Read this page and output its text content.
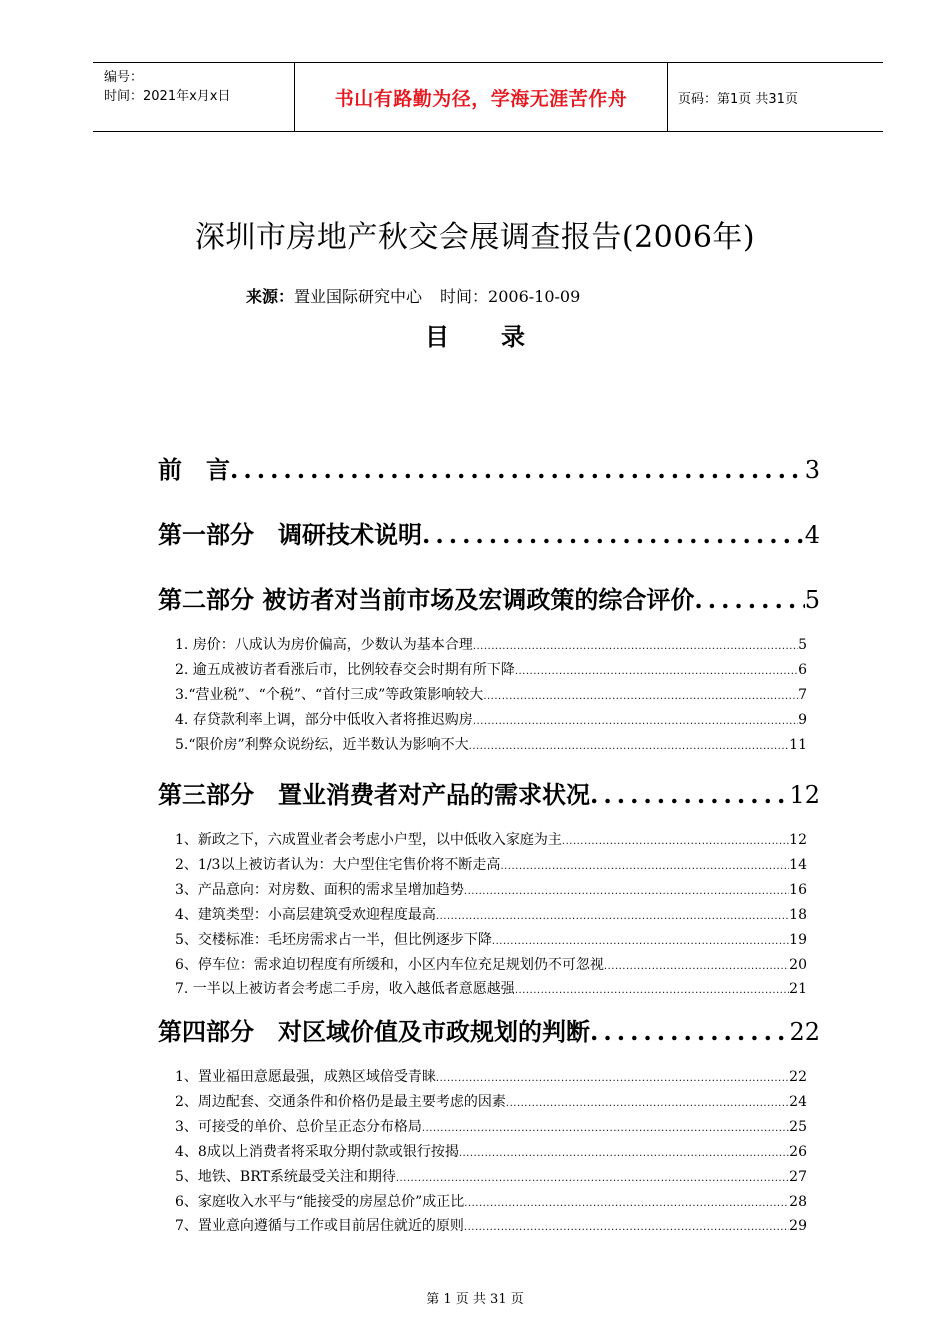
编号：
时间：2021年x月x日	书山有路勤为径，学海无涯苦作舟	页码：第1页 共31页
深圳市房地产秋交会展调查报告(2006年)
来源：置业国际研究中心 时间：2006-10-09
目 录
前　言 .....	3
第一部分　调研技术说明 .....	4
第二部分 被访者对当前市场及宏调政策的综合评价 .....	5
1. 房价：八成认为房价偏高，少数认为基本合理 .....	5
2. 逾五成被访者看涨后市，比例较春交会时期有所下降 .....	6
3.“营业税”、“个税”、“首付三成”等政策影响较大 .....	7
4. 存贷款利率上调，部分中低收入者将推迟购房 .....	9
5.“限价房”利弊众说纷纭，近半数认为影响不大 .....	11
第三部分　置业消费者对产品的需求状况 .....	12
1、新政之下，六成置业者会考虑小户型，以中低收入家庭为主 .....	12
2、1/3以上被访者认为：大户型住宅售价将不断走高 .....	14
3、产品意向：对房数、面积的需求呈增加趋势 .....	16
4、建筑类型：小高层建筑受欢迎程度最高 .....	18
5、交楼标准：毛坯房需求占一半，但比例逐步下降 .....	19
6、停车位：需求迫切程度有所缓和，小区内车位充足规划仍不可忽视 .....	20
7. 一半以上被访者会考虑二手房，收入越低者意愿越强 .....	21
第四部分　对区域价值及市政规划的判断 .....	22
1、置业福田意愿最强，成熟区域倍受青睐 .....	22
2、周边配套、交通条件和价格仍是最主要考虑的因素 .....	24
3、可接受的单价、总价呈正态分布格局 .....	25
4、8成以上消费者将采取分期付款或银行按揭 .....	26
5、地铁、BRT系统最受关注和期待 .....	27
6、家庭收入水平与“能接受的房屋总价”成正比 .....	28
7、置业意向遵循与工作或目前居住就近的原则 .....	29
第 1 页 共 31 页
